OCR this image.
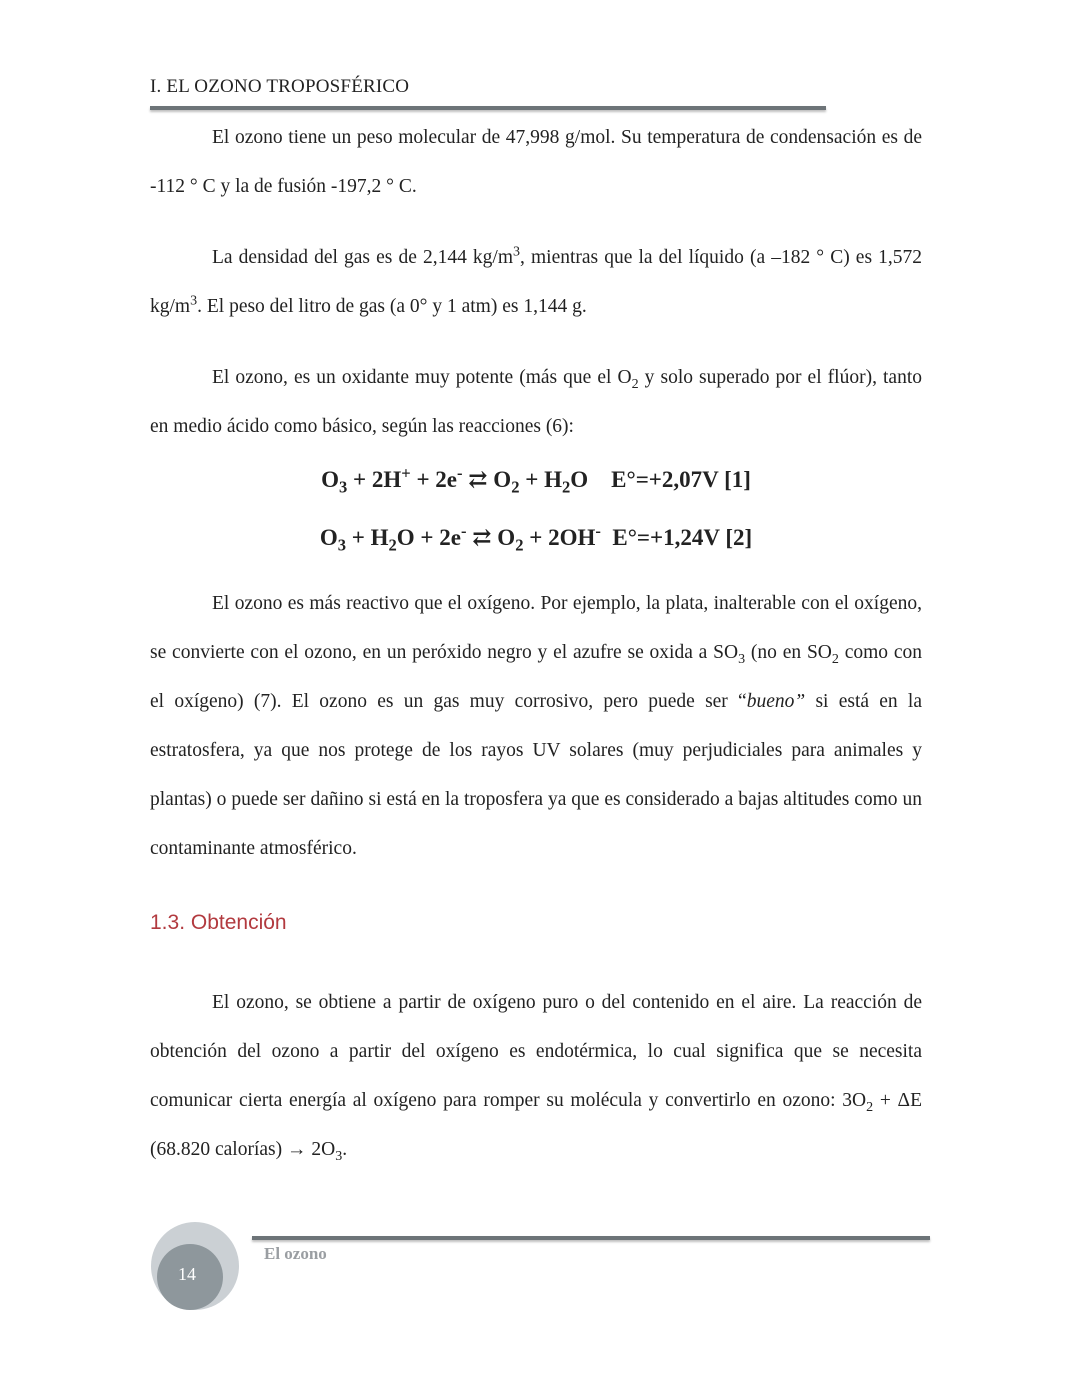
I. EL OZONO TROPOSFÉRICO

El ozono tiene un peso molecular de 47,998 g/mol. Su temperatura de condensación es de -112 ° C y la de fusión -197,2 ° C.

La densidad del gas es de 2,144 $kg/m^3$, mientras que la del líquido (a –182 ° C) es 1,572 $kg/m^3$. El peso del litro de gas (a 0° y 1 atm) es 1,144 g.

El ozono, es un oxidante muy potente (más que el $O_2$ y solo superado por el flúor), tanto en medio ácido como básico, según las reacciones (6):

$O_3 + 2H^+ + 2e^-$ ⇄ $O_2 + H_2O$    E°=+2,07V [1]

$O_3 + H_2O + 2e^-$ ⇄ $O_2 + 2OH^-$  E°=+1,24V [2]

El ozono es más reactivo que el oxígeno. Por ejemplo, la plata, inalterable con el oxígeno, se convierte con el ozono, en un peróxido negro y el azufre se oxida a $SO_3$ (no en $SO_2$ como con el oxígeno) (7). El ozono es un gas muy corrosivo, pero puede ser “bueno” si está en la estratosfera, ya que nos protege de los rayos UV solares (muy perjudiciales para animales y plantas) o puede ser dañino si está en la troposfera ya que es considerado a bajas altitudes como un contaminante atmosférico.

1.3. Obtención

El ozono, se obtiene a partir de oxígeno puro o del contenido en el aire. La reacción de obtención del ozono a partir del oxígeno es endotérmica, lo cual significa que se necesita comunicar cierta energía al oxígeno para romper su molécula y convertirlo en ozono: $3O_2 + \Delta E$ (68.820 calorías) → $2O_3$.

El ozono
14
